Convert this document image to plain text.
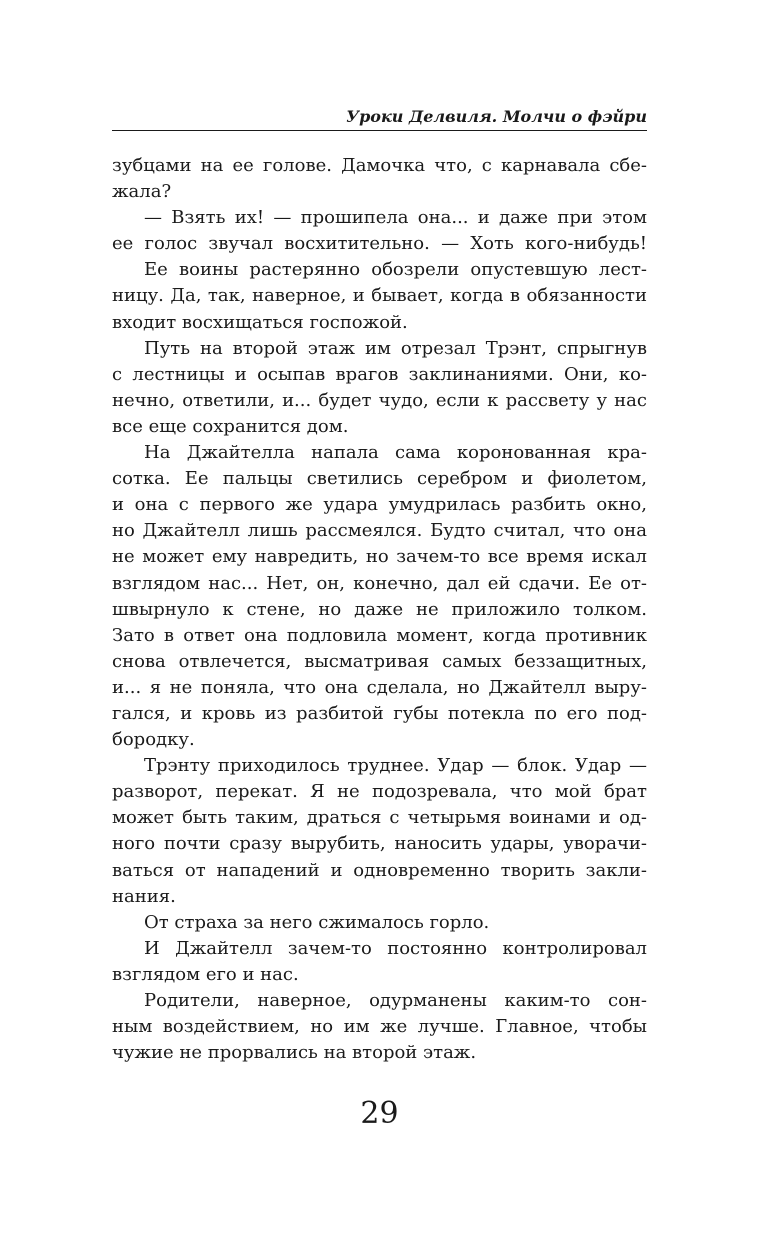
Уроки Делвиля. Молчи о фэйри
зубцами на ее голове. Дамочка что, с карнавала сбе-
жала?
— Взять их! — прошипела она... и даже при этом
ее голос звучал восхитительно. — Хоть кого-нибудь!
Ее воины растерянно обозрели опустевшую лест-
ницу. Да, так, наверное, и бывает, когда в обязанности
входит восхищаться госпожой.
Путь на второй этаж им отрезал Трэнт, спрыгнув
с лестницы и осыпав врагов заклинаниями. Они, ко-
нечно, ответили, и... будет чудо, если к рассвету у нас
все еще сохранится дом.
На Джайтелла напала сама коронованная кра-
сотка. Ее пальцы светились серебром и фиолетом,
и она с первого же удара умудрилась разбить окно,
но Джайтелл лишь рассмеялся. Будто считал, что она
не может ему навредить, но зачем-то все время искал
взглядом нас... Нет, он, конечно, дал ей сдачи. Ее от-
швырнуло к стене, но даже не приложило толком.
Зато в ответ она подловила момент, когда противник
снова отвлечется, высматривая самых беззащитных,
и... я не поняла, что она сделала, но Джайтелл выру-
гался, и кровь из разбитой губы потекла по его под-
бородку.
Трэнту приходилось труднее. Удар — блок. Удар —
разворот, перекат. Я не подозревала, что мой брат
может быть таким, драться с четырьмя воинами и од-
ного почти сразу вырубить, наносить удары, уворачи-
ваться от нападений и одновременно творить закли-
нания.
От страха за него сжималось горло.
И Джайтелл зачем-то постоянно контролировал
взглядом его и нас.
Родители, наверное, одурманены каким-то сон-
ным воздействием, но им же лучше. Главное, чтобы
чужие не прорвались на второй этаж.
29
